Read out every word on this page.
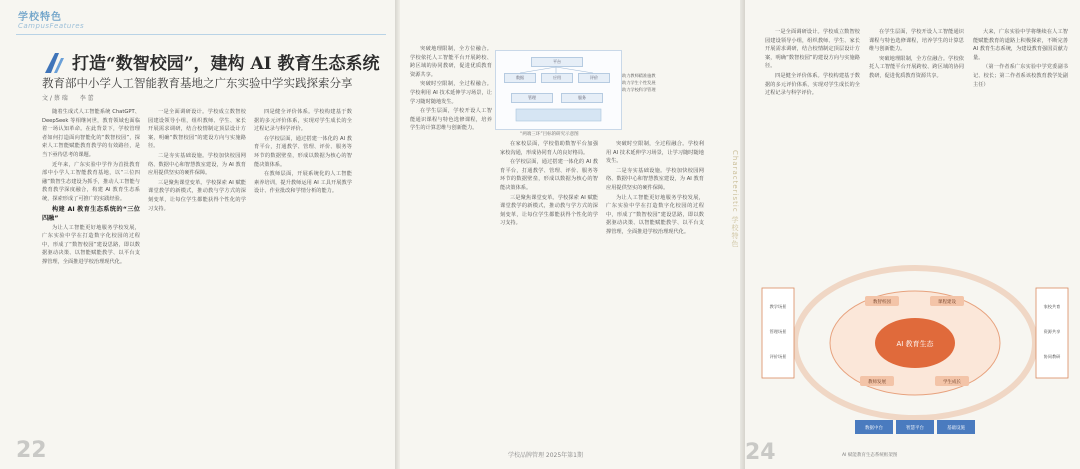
学校特色
CampusFeatures
打造“数智校园”，建构 AI 教育生态系统
教育部中小学人工智能教育基地之广东实验中学实践探索分享
文 / 蔡 瑞　　李 蕾

随着生成式人工智能系统 ChatGPT、DeepSeek 等相继问世，教育领域也面临着一场认知革命。在此背景下，学校管理者如何打造面向智能化的“数智校园”，探索人工智能赋能教育教学的有效路径，是当下亟待思考的课题。

近年来，广东实验中学作为首批教育部中小学人工智能教育基地，以“三位四融”数智生态建设为抓手，推动人工智能与教育教学深度融合，构建 AI 教育生态系统，探索形成了可推广的实践经验。

构建 AI 教育生态系统的“三位四融”

为让人工智能更好地服务学校发展，广东实验中学在打造数字化校园的过程中，形成了“数智校园”建设思路，即以数据驱动决策、以智能赋能教学、以平台支撑管理，全面推进学校治理现代化。

一是全面调研设计。学校成立数智校园建设领导小组，组织教师、学生、家长开展需求调研，结合校情制定顶层设计方案，明确“数智校园”的建设方向与实施路径。

二是夯实基础设施。学校加快校园网络、数据中心和智慧教室建设，为 AI 教育应用提供坚实的硬件保障。

三是聚焦课堂变革。学校探索 AI 赋能课堂教学的新模式，推动教与学方式的深刻变革，让每位学生都能获得个性化的学习支持。

四是健全评价体系。学校构建基于数据的多元评价体系，实现对学生成长的全过程记录与科学评价。

在学校层面，通过搭建一体化的 AI 教育平台，打通教学、管理、评价、服务等环节的数据壁垒，形成以数据为核心的智能决策体系。

在教师层面，开展系统化的人工智能素养培训，提升教师运用 AI 工具开展教学设计、作业批改和学情分析的能力。

22

突破地理限制，全方位融合。学校依托人工智能平台开展跨校、跨区域的协同教研，促进优质教育资源共享。

突破时空限制，全过程融合。学校利用 AI 技术延伸学习场景，让学习随时随地发生。

在学生层面，学校开设人工智能通识课程与特色选修课程，培养学生的计算思维与创新能力。

在家校层面，学校借助数智平台加强家校沟通，形成协同育人的良好格局。

在学校层面，通过搭建一体化的 AI 教育平台，打通教学、管理、评价、服务等环节的数据壁垒，形成以数据为核心的智能决策体系。

三是聚焦课堂变革。学校探索 AI 赋能课堂教学的新模式，推动教与学方式的深刻变革，让每位学生都能获得个性化的学习支持。

突破时空限制，全过程融合。学校利用 AI 技术延伸学习场景，让学习随时随地发生。

二是夯实基础设施。学校加快校园网络、数据中心和智慧教室建设，为 AI 教育应用提供坚实的硬件保障。

为让人工智能更好地服务学校发展，广东实验中学在打造数字化校园的过程中，形成了“数智校园”建设思路，即以数据驱动决策、以智能赋能教学、以平台支撑管理，全面推进学校治理现代化。

学校品牌管理 2025年第1期
平台
数据	应用	评价
管理	服务
助力教师精准施教
助力学生个性发展
助力学校科学管理
“两端三环”目标的研究示意图
Characteristic 学校特色

一是全面调研设计。学校成立数智校园建设领导小组，组织教师、学生、家长开展需求调研，结合校情制定顶层设计方案，明确“数智校园”的建设方向与实施路径。

四是健全评价体系。学校构建基于数据的多元评价体系，实现对学生成长的全过程记录与科学评价。

在学生层面，学校开设人工智能通识课程与特色选修课程，培养学生的计算思维与创新能力。

突破地理限制，全方位融合。学校依托人工智能平台开展跨校、跨区域的协同教研，促进优质教育资源共享。

大来，广东实验中学将继续在人工智能赋能教育的道路上积极探索，不断完善 AI 教育生态系统，为建设教育强国贡献力量。

（第一作者系广东实验中学党委副书记、校长；第二作者系该校教育教学处副主任）

AI 教育生态
数智校园	课程建设
教师发展	学生成长
教学场景
管理场景
评价场景
家校共育
资源共享
协同教研
数据中台	智慧平台	基础设施
AI 赋能教育生态系统框架图
24
